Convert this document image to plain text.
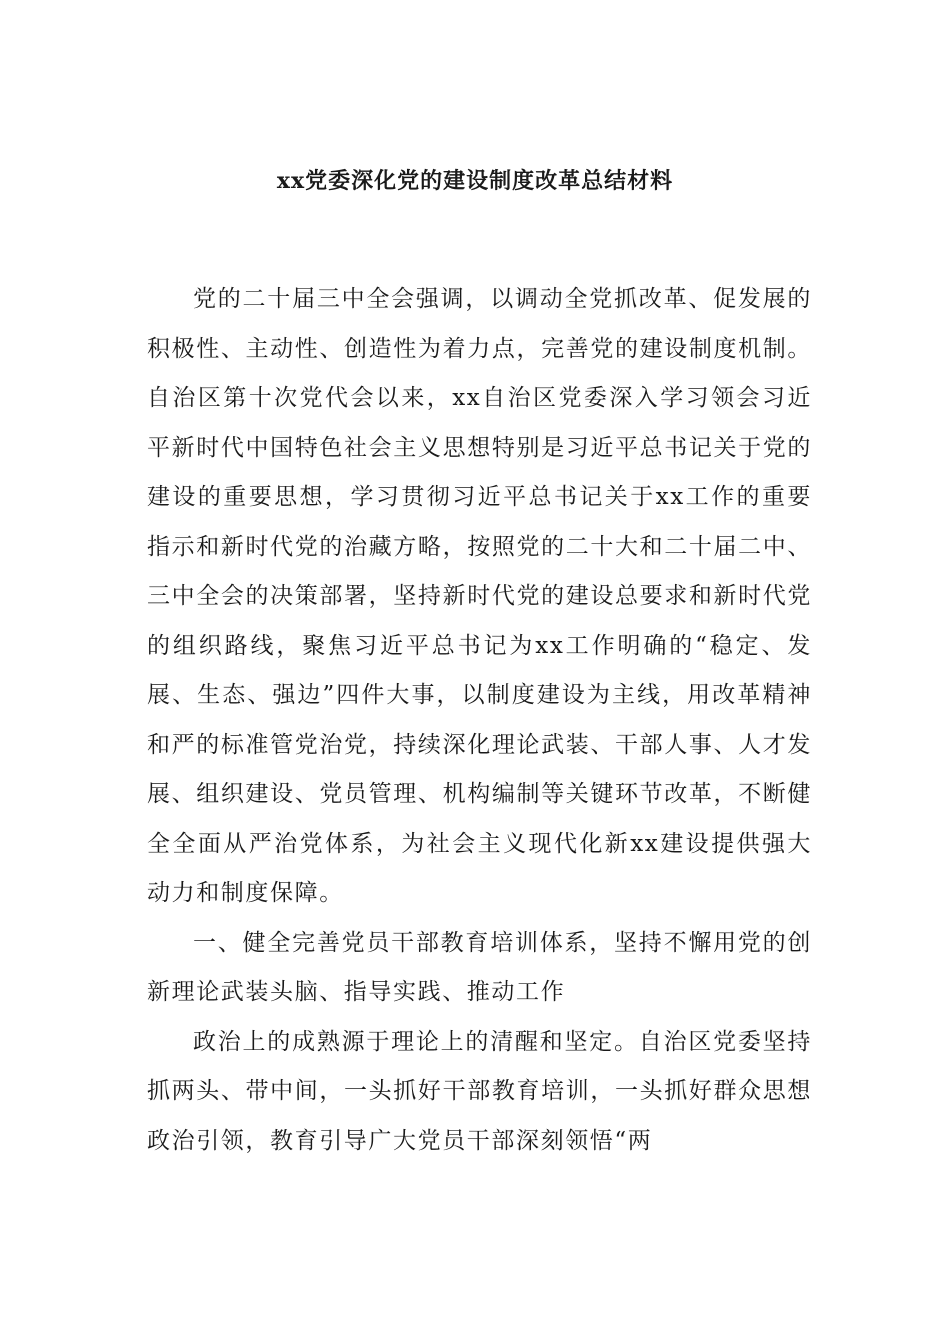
xx党委深化党的建设制度改革总结材料

党的二十届三中全会强调，以调动全党抓改革、促发展的积极性、主动性、创造性为着力点，完善党的建设制度机制。自治区第十次党代会以来，xx自治区党委深入学习领会习近平新时代中国特色社会主义思想特别是习近平总书记关于党的建设的重要思想，学习贯彻习近平总书记关于xx工作的重要指示和新时代党的治藏方略，按照党的二十大和二十届二中、三中全会的决策部署，坚持新时代党的建设总要求和新时代党的组织路线，聚焦习近平总书记为xx工作明确的“稳定、发展、生态、强边”四件大事，以制度建设为主线，用改革精神和严的标准管党治党，持续深化理论武装、干部人事、人才发展、组织建设、党员管理、机构编制等关键环节改革，不断健全全面从严治党体系，为社会主义现代化新xx建设提供强大动力和制度保障。

一、健全完善党员干部教育培训体系，坚持不懈用党的创新理论武装头脑、指导实践、推动工作

政治上的成熟源于理论上的清醒和坚定。自治区党委坚持抓两头、带中间，一头抓好干部教育培训，一头抓好群众思想政治引领，教育引导广大党员干部深刻领悟“两
